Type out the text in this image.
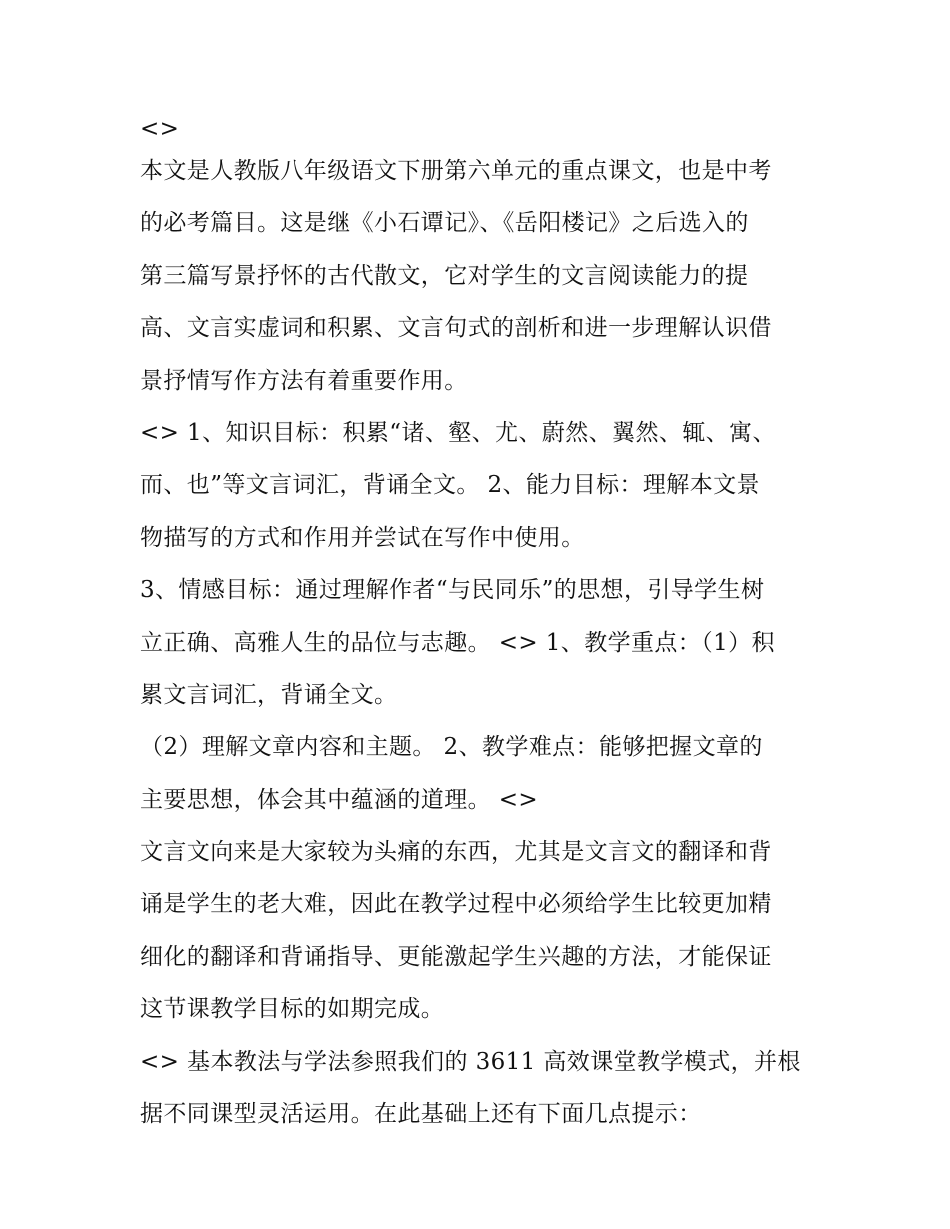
<>
本文是人教版八年级语文下册第六单元的重点课文，也是中考
的必考篇目。这是继《小石谭记》、《岳阳楼记》之后选入的
第三篇写景抒怀的古代散文，它对学生的文言阅读能力的提
高、文言实虚词和积累、文言句式的剖析和进一步理解认识借
景抒情写作方法有着重要作用。
<> 1、知识目标：积累“诸、壑、尤、蔚然、翼然、辄、寓、
而、也”等文言词汇，背诵全文。 2、能力目标：理解本文景
物描写的方式和作用并尝试在写作中使用。
3、情感目标：通过理解作者“与民同乐”的思想，引导学生树
立正确、高雅人生的品位与志趣。 <> 1、教学重点：（1）积
累文言词汇，背诵全文。
（2）理解文章内容和主题。 2、教学难点：能够把握文章的
主要思想，体会其中蕴涵的道理。 <>
文言文向来是大家较为头痛的东西，尤其是文言文的翻译和背
诵是学生的老大难，因此在教学过程中必须给学生比较更加精
细化的翻译和背诵指导、更能激起学生兴趣的方法，才能保证
这节课教学目标的如期完成。
<> 基本教法与学法参照我们的 3611 高效课堂教学模式，并根
据不同课型灵活运用。在此基础上还有下面几点提示：
